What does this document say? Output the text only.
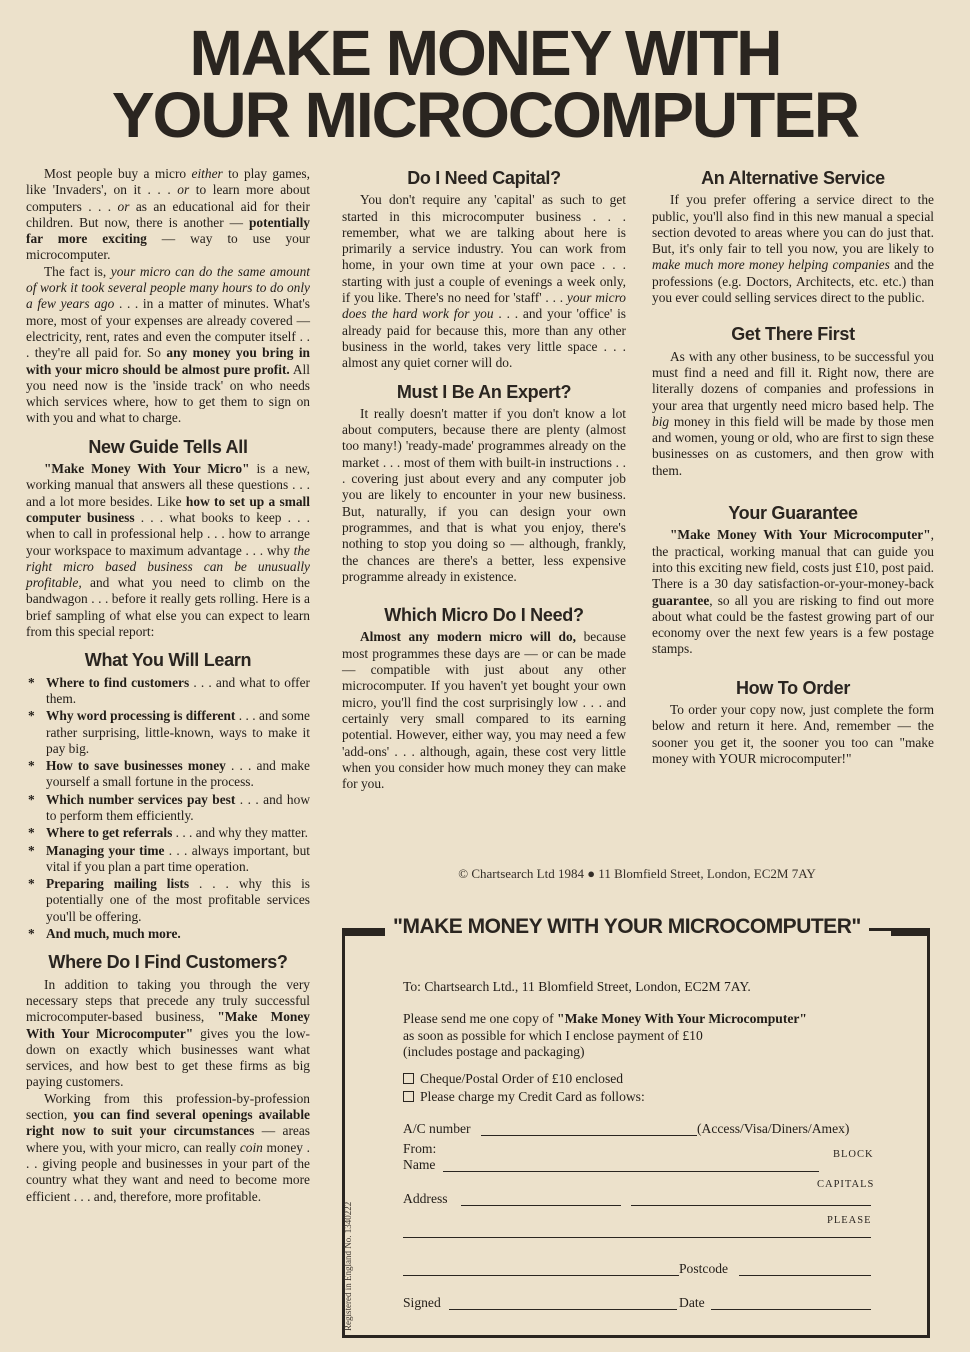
MAKE MONEY WITH
YOUR MICROCOMPUTER

Most people buy a micro either to play games, like 'Invaders', on it . . . or to learn more about computers . . . or as an educational aid for their children. But now, there is another — potentially far more exciting — way to use your microcomputer.

The fact is, your micro can do the same amount of work it took several people many hours to do only a few years ago . . . in a matter of minutes. What's more, most of your expenses are already covered — electricity, rent, rates and even the computer itself . . . they're all paid for. So any money you bring in with your micro should be almost pure profit. All you need now is the 'inside track' on who needs which services where, how to get them to sign on with you and what to charge.

New Guide Tells All

"Make Money With Your Micro" is a new, working manual that answers all these questions . . . and a lot more besides. Like how to set up a small computer business . . . what books to keep . . . when to call in professional help . . . how to arrange your workspace to maximum advantage . . . why the right micro based business can be unusually profitable, and what you need to climb on the bandwagon . . . before it really gets rolling. Here is a brief sampling of what else you can expect to learn from this special report:

What You Will Learn
* Where to find customers . . . and what to offer them.
* Why word processing is different . . . and some rather surprising, little-known, ways to make it pay big.
* How to save businesses money . . . and make yourself a small fortune in the process.
* Which number services pay best . . . and how to perform them efficiently.
* Where to get referrals . . . and why they matter.
* Managing your time . . . always important, but vital if you plan a part time operation.
* Preparing mailing lists . . . why this is potentially one of the most profitable services you'll be offering.
* And much, much more.
Where Do I Find Customers?

In addition to taking you through the very necessary steps that precede any truly successful microcomputer-based business, "Make Money With Your Microcomputer" gives you the low-down on exactly which businesses want what services, and how best to get these firms as big paying customers.

Working from this profession-by-profession section, you can find several openings available right now to suit your circumstances — areas where you, with your micro, can really coin money . . . giving people and businesses in your part of the country what they want and need to become more efficient . . . and, therefore, more profitable.

Do I Need Capital?

You don't require any 'capital' as such to get started in this microcomputer business . . . remember, what we are talking about here is primarily a service industry. You can work from home, in your own time at your own pace . . . starting with just a couple of evenings a week only, if you like. There's no need for 'staff' . . . your micro does the hard work for you . . . and your 'office' is already paid for because this, more than any other business in the world, takes very little space . . . almost any quiet corner will do.

Must I Be An Expert?

It really doesn't matter if you don't know a lot about computers, because there are plenty (almost too many!) 'ready-made' programmes already on the market . . . most of them with built-in instructions . . . covering just about every and any computer job you are likely to encounter in your new business. But, naturally, if you can design your own programmes, and that is what you enjoy, there's nothing to stop you doing so — although, frankly, the chances are there's a better, less expensive programme already in existence.

Which Micro Do I Need?

Almost any modern micro will do, because most programmes these days are — or can be made — compatible with just about any other microcomputer. If you haven't yet bought your own micro, you'll find the cost surprisingly low . . . and certainly very small compared to its earning potential. However, either way, you may need a few 'add-ons' . . . although, again, these cost very little when you consider how much money they can make for you.

An Alternative Service

If you prefer offering a service direct to the public, you'll also find in this new manual a special section devoted to areas where you can do just that. But, it's only fair to tell you now, you are likely to make much more money helping companies and the professions (e.g. Doctors, Architects, etc. etc.) than you ever could selling services direct to the public.

Get There First

As with any other business, to be successful you must find a need and fill it. Right now, there are literally dozens of companies and professions in your area that urgently need micro based help. The big money in this field will be made by those men and women, young or old, who are first to sign these businesses on as customers, and then grow with them.

Your Guarantee

"Make Money With Your Microcomputer", the practical, working manual that can guide you into this exciting new field, costs just £10, post paid. There is a 30 day satisfaction-or-your-money-back guarantee, so all you are risking to find out more about what could be the fastest growing part of our economy over the next few years is a few postage stamps.

How To Order

To order your copy now, just complete the form below and return it here. And, remember — the sooner you get it, the sooner you too can "make money with YOUR microcomputer!"

© Chartsearch Ltd 1984 ● 11 Blomfield Street, London, EC2M 7AY
"MAKE MONEY WITH YOUR MICROCOMPUTER"
Registered in England No. 1340222
To: Chartsearch Ltd., 11 Blomfield Street, London, EC2M 7AY.
Please send me one copy of "Make Money With Your Microcomputer"
as soon as possible for which I enclose payment of £10
(includes postage and packaging)
Cheque/Postal Order of £10 enclosed
Please charge my Credit Card as follows:
A/C number	(Access/Visa/Diners/Amex)
From:
Name
BLOCK
CAPITALS
Address
PLEASE
Postcode
Signed	Date
